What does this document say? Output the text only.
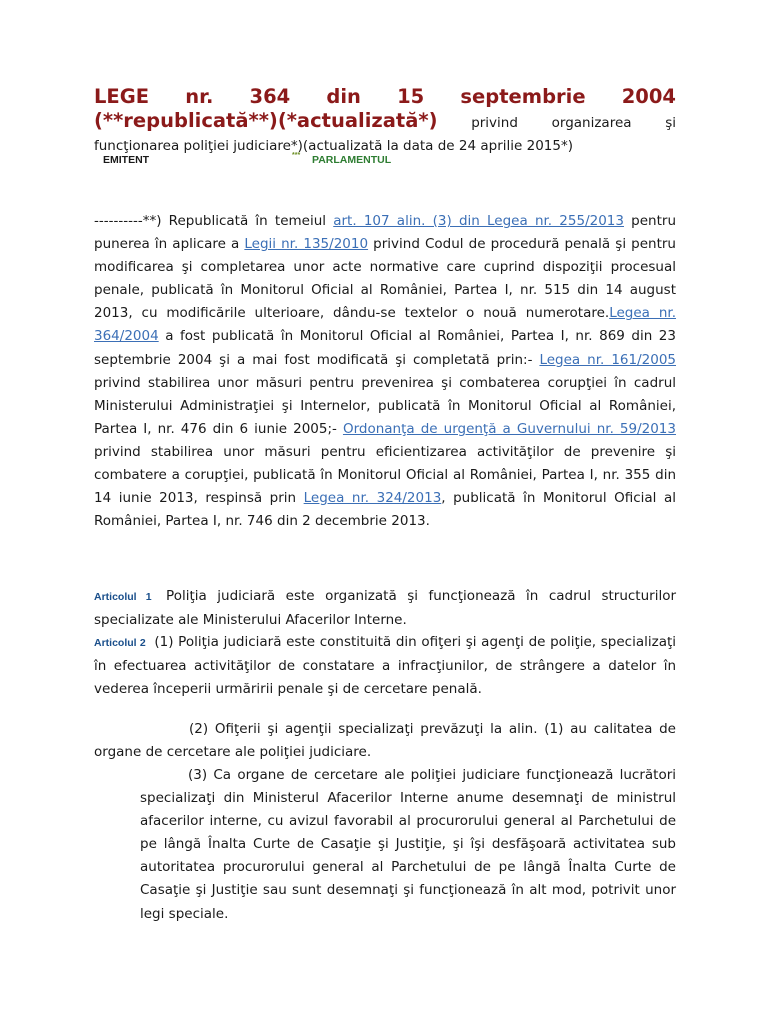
LEGE nr. 364 din 15 septembrie 2004
(**republicată**)(*actualizată*) privind organizarea şi
funcţionarea poliţiei judiciare*)(actualizată la data de 24 aprilie 2015*)
EMITENT	*** PARLAMENTUL
----------**) Republicată în temeiul art. 107 alin. (3) din Legea nr. 255/2013 pentru punerea în aplicare a Legii nr. 135/2010 privind Codul de procedură penală şi pentru modificarea şi completarea unor acte normative care cuprind dispoziţii procesual penale, publicată în Monitorul Oficial al României, Partea I, nr. 515 din 14 august 2013, cu modificările ulterioare, dându-se textelor o nouă numerotare.Legea nr. 364/2004 a fost publicată în Monitorul Oficial al României, Partea I, nr. 869 din 23 septembrie 2004 şi a mai fost modificată şi completată prin:- Legea nr. 161/2005 privind stabilirea unor măsuri pentru prevenirea şi combaterea corupţiei în cadrul Ministerului Administraţiei şi Internelor, publicată în Monitorul Oficial al României, Partea I, nr. 476 din 6 iunie 2005;- Ordonanţa de urgenţă a Guvernului nr. 59/2013 privind stabilirea unor măsuri pentru eficientizarea activităţilor de prevenire şi combatere a corupţiei, publicată în Monitorul Oficial al României, Partea I, nr. 355 din 14 iunie 2013, respinsă prin Legea nr. 324/2013, publicată în Monitorul Oficial al României, Partea I, nr. 746 din 2 decembrie 2013.
Articolul 1 Poliţia judiciară este organizată şi funcţionează în cadrul structurilor specializate ale Ministerului Afacerilor Interne.
Articolul 2 (1) Poliţia judiciară este constituită din ofiţeri şi agenţi de poliţie, specializaţi în efectuarea activităţilor de constatare a infracţiunilor, de strângere a datelor în vederea începerii urmăririi penale şi de cercetare penală.
(2) Ofiţerii şi agenţii specializaţi prevăzuţi la alin. (1) au calitatea de organe de cercetare ale poliţiei judiciare.
(3) Ca organe de cercetare ale poliţiei judiciare funcţionează lucrători specializaţi din Ministerul Afacerilor Interne anume desemnaţi de ministrul afacerilor interne, cu avizul favorabil al procurorului general al Parchetului de pe lângă Înalta Curte de Casaţie şi Justiţie, şi îşi desfăşoară activitatea sub autoritatea procurorului general al Parchetului de pe lângă Înalta Curte de Casaţie şi Justiţie sau sunt desemnaţi şi funcţionează în alt mod, potrivit unor legi speciale.
